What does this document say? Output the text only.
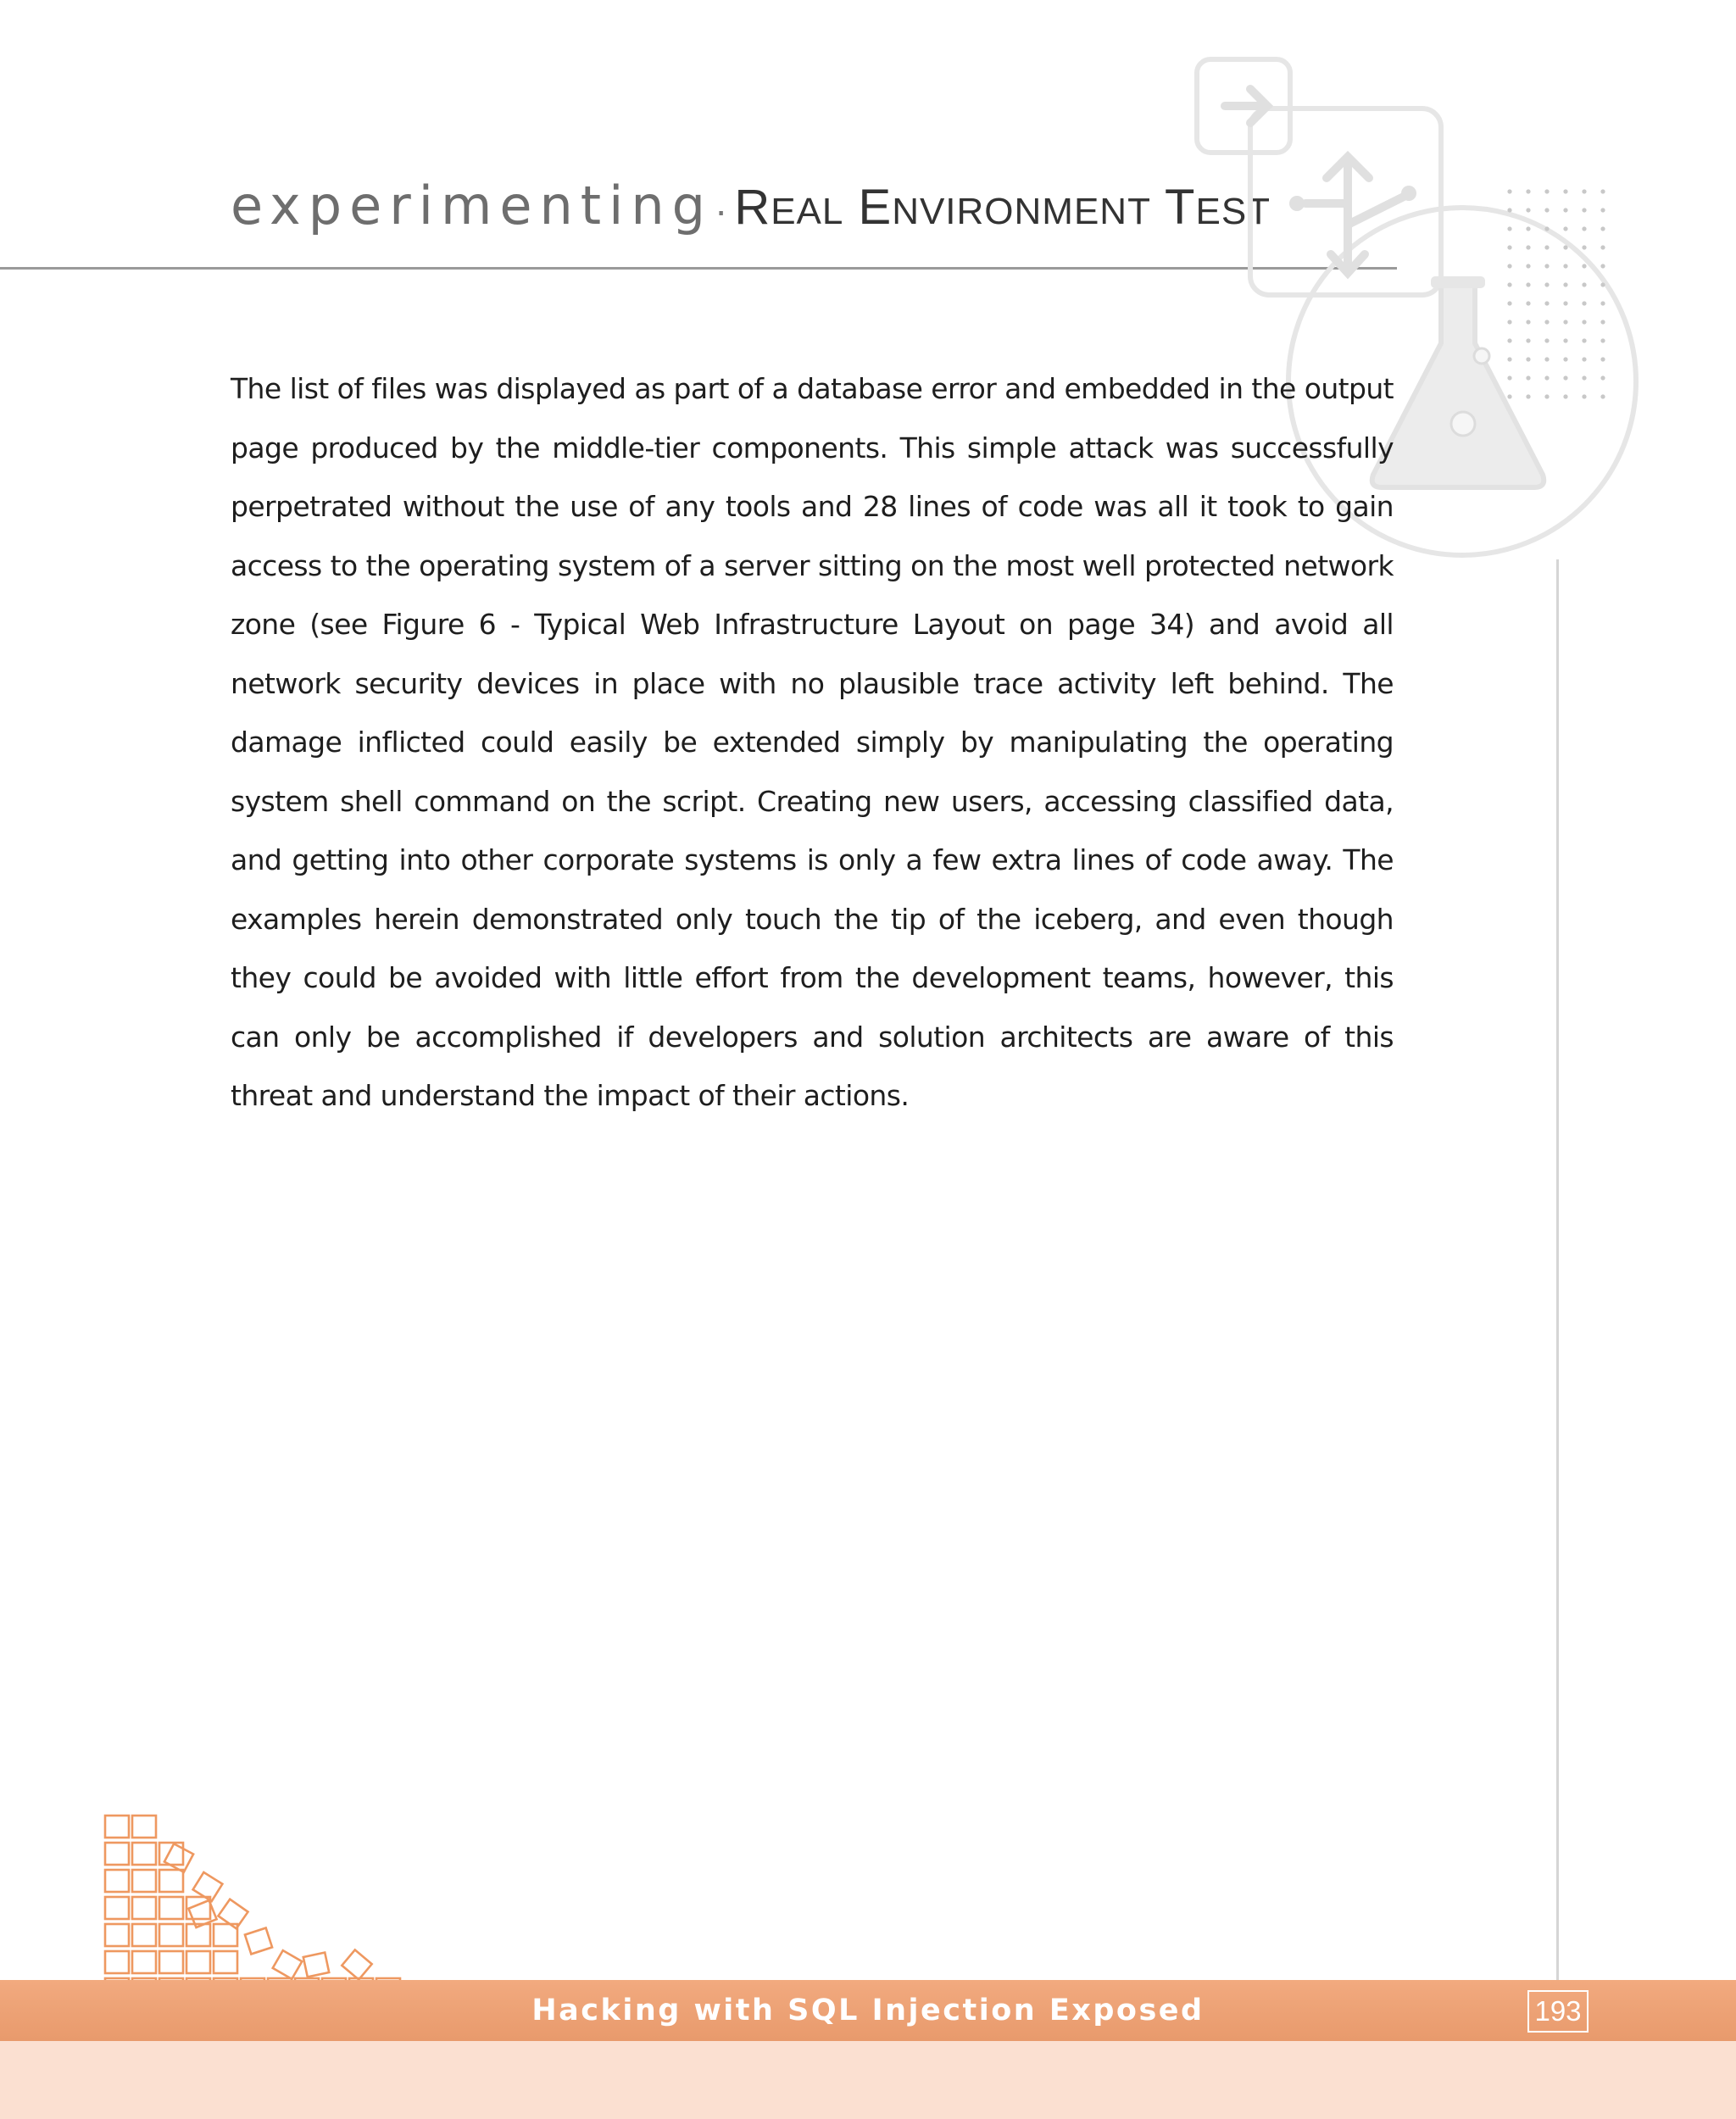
experimenting· REAL ENVIRONMENT TEST

The list of files was displayed as part of a database error and embedded in the output page produced by the middle-tier components. This simple attack was successfully perpetrated without the use of any tools and 28 lines of code was all it took to gain access to the operating system of a server sitting on the most well protected network zone (see Figure 6 - Typical Web Infrastructure Layout on page 34) and avoid all network security devices in place with no plausible trace activity left behind. The damage inflicted could easily be extended simply by manipulating the operating system shell command on the script. Creating new users, accessing classified data, and getting into other corporate systems is only a few extra lines of code away. The examples herein demonstrated only touch the tip of the iceberg, and even though they could be avoided with little effort from the development teams, however, this can only be accomplished if developers and solution architects are aware of this threat and understand the impact of their actions.

Hacking with SQL Injection Exposed	193
